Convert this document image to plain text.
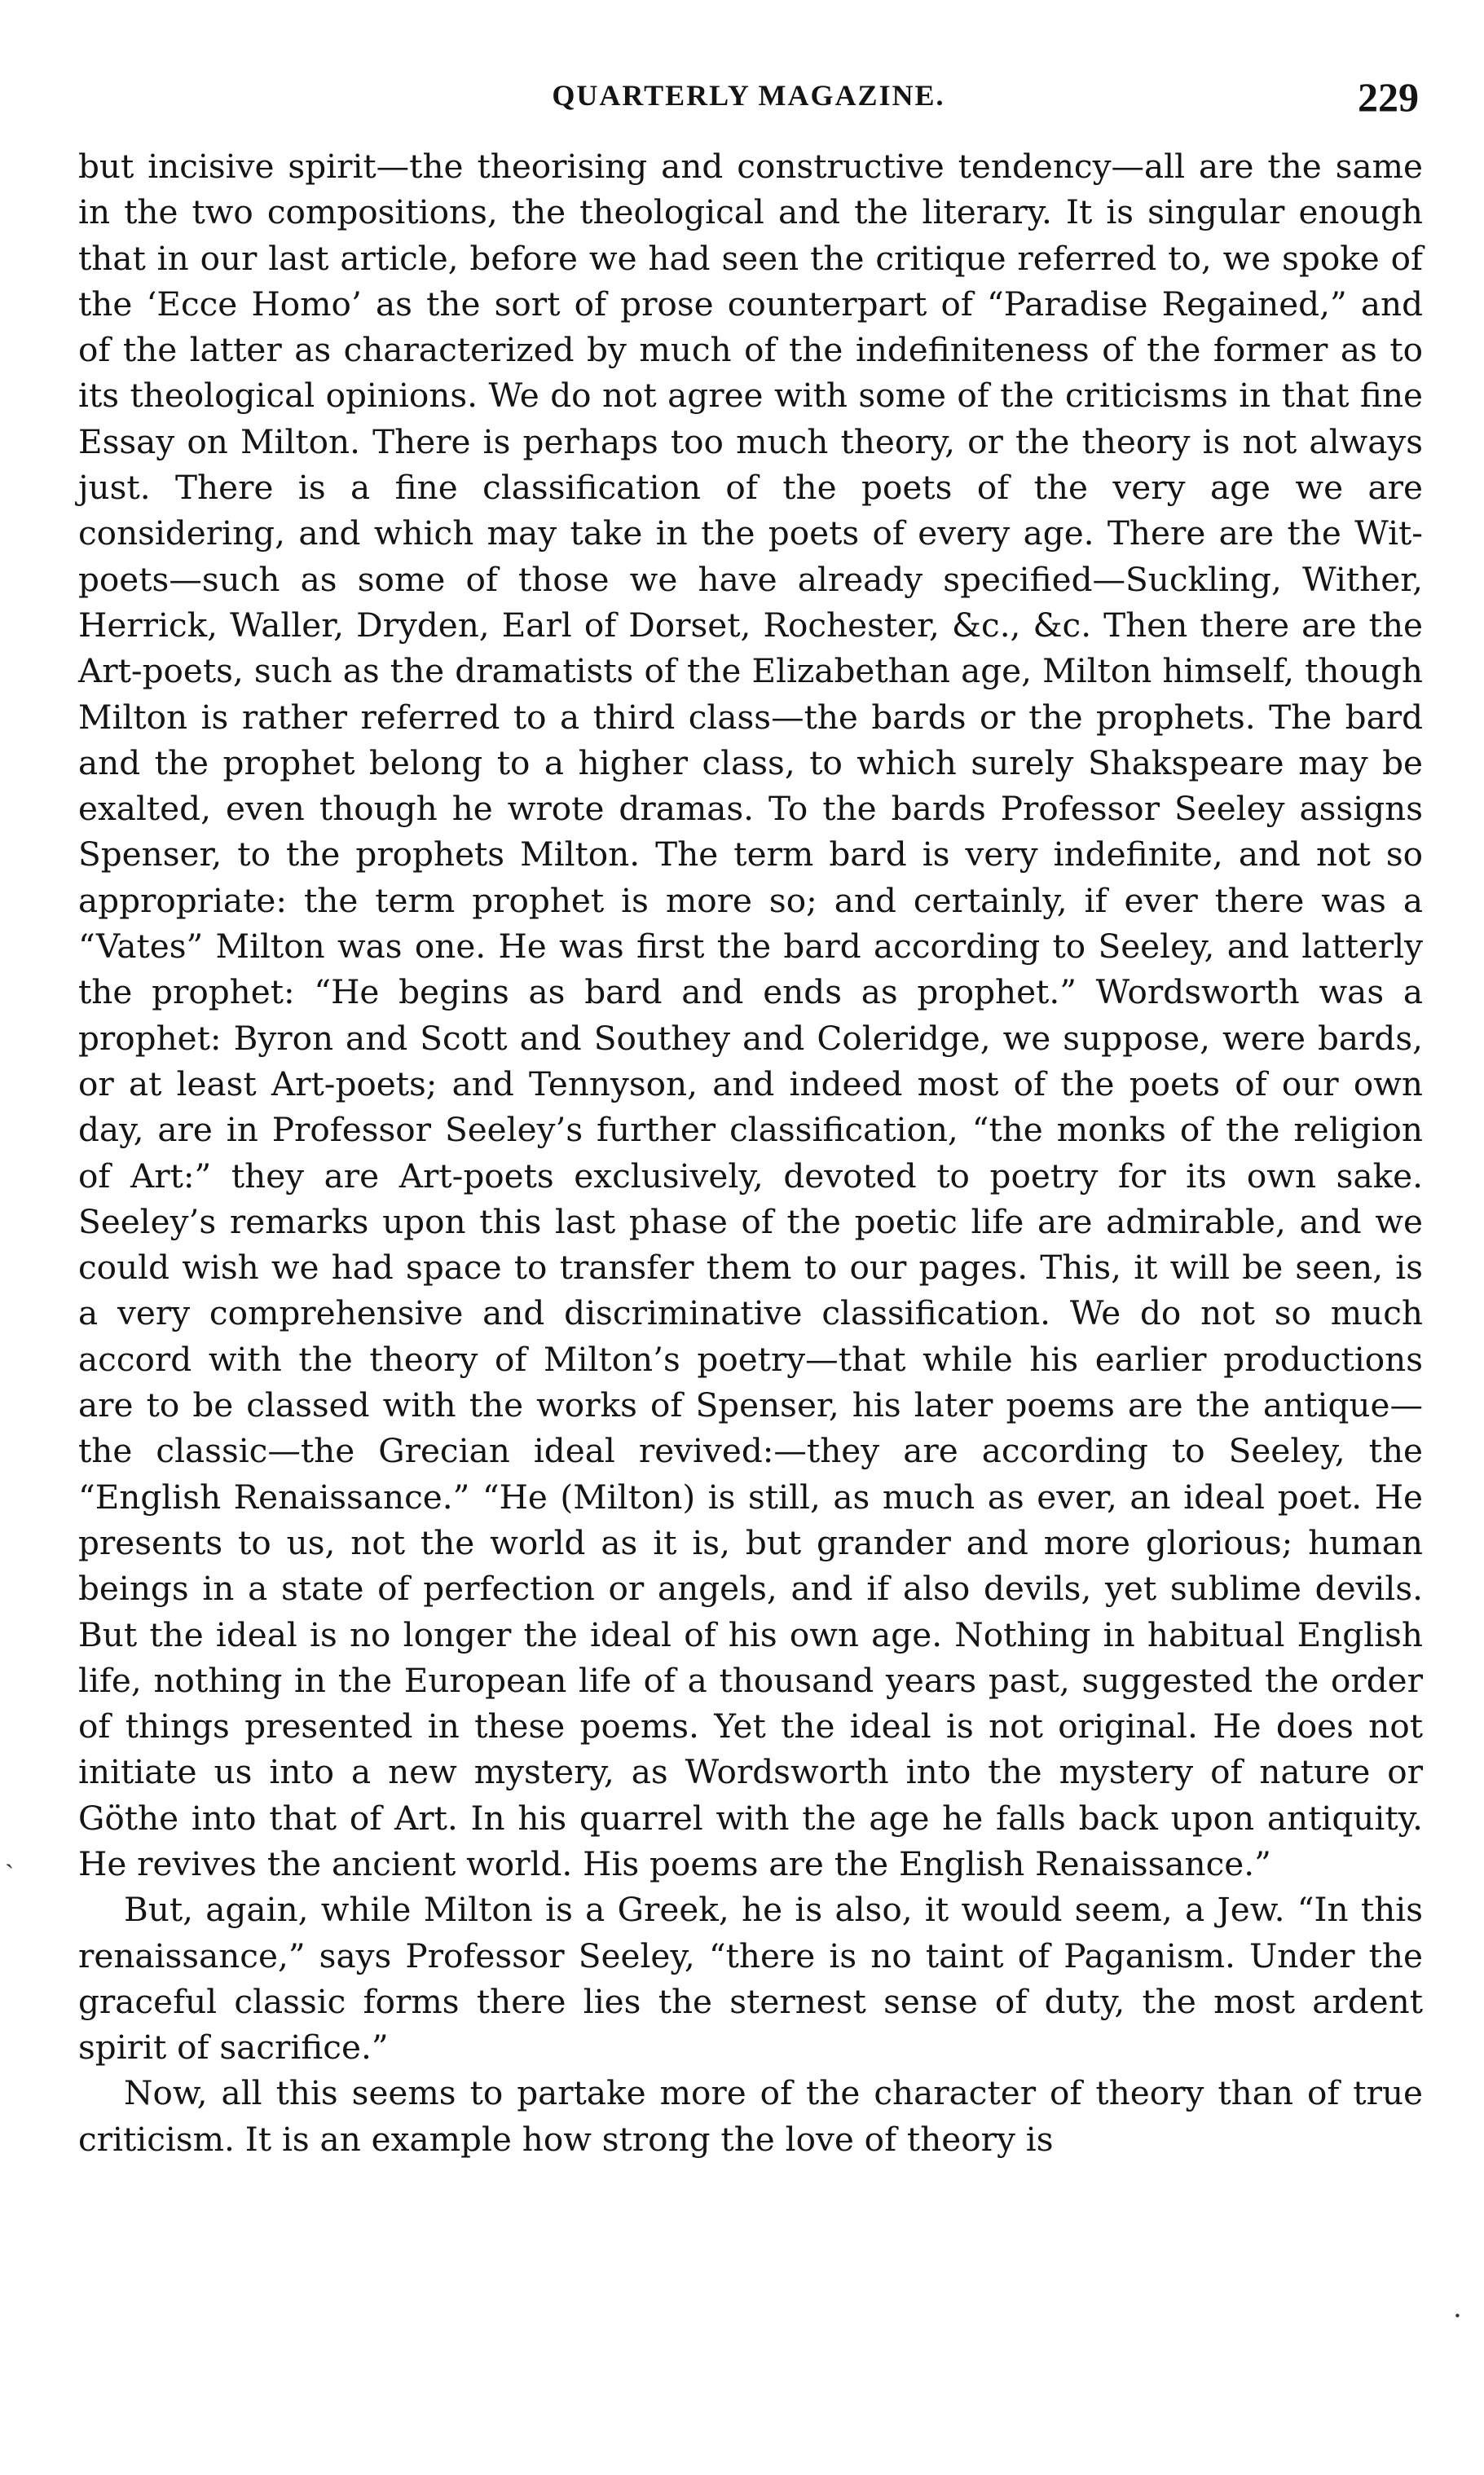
QUARTERLY MAGAZINE.	229

but incisive spirit—the theorising and constructive tendency—all are the same in the two compositions, the theological and the literary. It is singular enough that in our last article, before we had seen the critique referred to, we spoke of the ‘Ecce Homo’ as the sort of prose counterpart of “Paradise Regained,” and of the latter as characterized by much of the indefiniteness of the former as to its theological opinions. We do not agree with some of the criticisms in that fine Essay on Milton. There is perhaps too much theory, or the theory is not always just. There is a fine classification of the poets of the very age we are considering, and which may take in the poets of every age. There are the Wit-poets—such as some of those we have already specified—Suckling, Wither, Herrick, Waller, Dryden, Earl of Dorset, Rochester, &c., &c. Then there are the Art-poets, such as the dramatists of the Elizabethan age, Milton himself, though Milton is rather referred to a third class—the bards or the prophets. The bard and the prophet belong to a higher class, to which surely Shakspeare may be exalted, even though he wrote dramas. To the bards Professor Seeley assigns Spenser, to the prophets Milton. The term bard is very indefinite, and not so appropriate: the term prophet is more so; and certainly, if ever there was a “Vates” Milton was one. He was first the bard according to Seeley, and latterly the prophet: “He begins as bard and ends as prophet.” Wordsworth was a prophet: Byron and Scott and Southey and Coleridge, we suppose, were bards, or at least Art-poets; and Tennyson, and indeed most of the poets of our own day, are in Professor Seeley’s further classification, “the monks of the religion of Art:” they are Art-poets exclusively, devoted to poetry for its own sake. Seeley’s remarks upon this last phase of the poetic life are admirable, and we could wish we had space to transfer them to our pages. This, it will be seen, is a very comprehensive and discriminative classification. We do not so much accord with the theory of Milton’s poetry—that while his earlier productions are to be classed with the works of Spenser, his later poems are the antique—the classic—the Grecian ideal revived:—they are according to Seeley, the “English Renaissance.” “He (Milton) is still, as much as ever, an ideal poet. He presents to us, not the world as it is, but grander and more glorious; human beings in a state of perfection or angels, and if also devils, yet sublime devils. But the ideal is no longer the ideal of his own age. Nothing in habitual English life, nothing in the European life of a thousand years past, suggested the order of things presented in these poems. Yet the ideal is not original. He does not initiate us into a new mystery, as Wordsworth into the mystery of nature or Göthe into that of Art. In his quarrel with the age he falls back upon antiquity. He revives the ancient world. His poems are the English Renaissance.”

But, again, while Milton is a Greek, he is also, it would seem, a Jew. “In this renaissance,” says Professor Seeley, “there is no taint of Paganism. Under the graceful classic forms there lies the sternest sense of duty, the most ardent spirit of sacrifice.”

Now, all this seems to partake more of the character of theory than of true criticism. It is an example how strong the love of theory is

ˎ
.
